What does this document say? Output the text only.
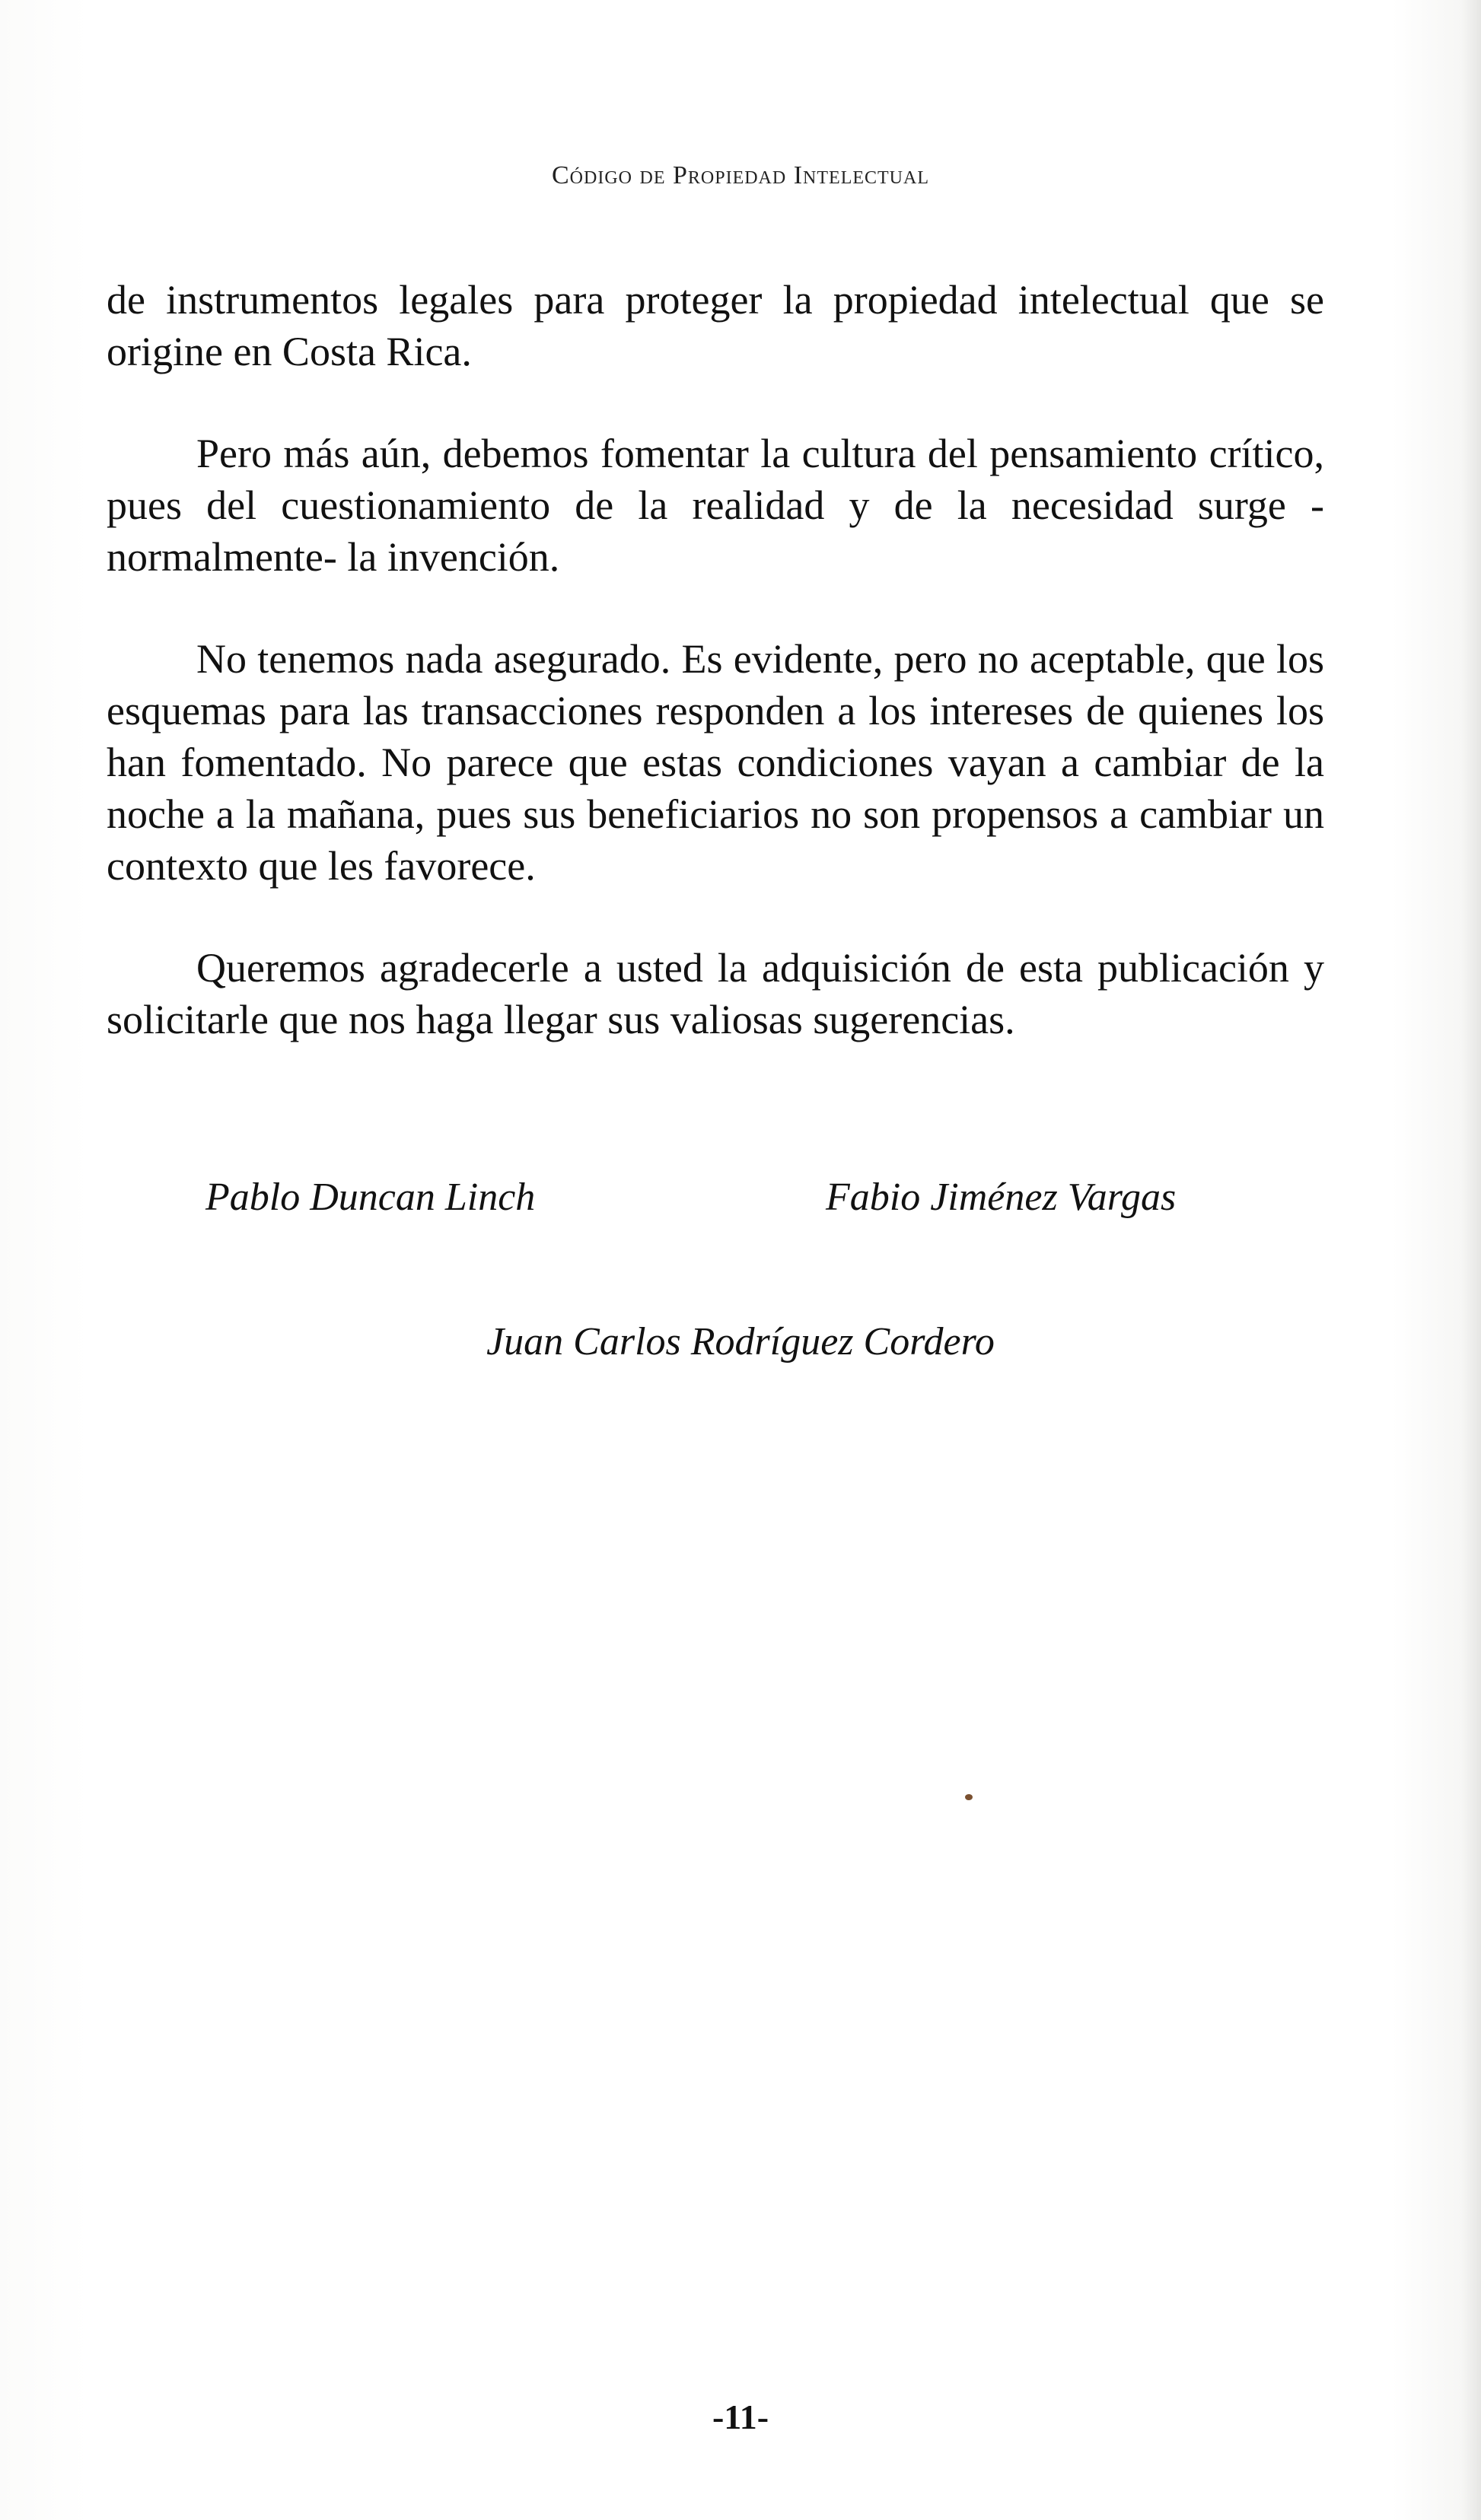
Código de Propiedad Intelectual

de instrumentos legales para proteger la propiedad intelectual que se origine en Costa Rica.

Pero más aún, debemos fomentar la cultura del pensamiento crítico, pues del cuestionamiento de la realidad y de la necesidad surge -normalmente- la invención.

No tenemos nada asegurado. Es evidente, pero no aceptable, que los esquemas para las transacciones responden a los intereses de quienes los han fomentado. No parece que estas condiciones vayan a cambiar de la noche a la mañana, pues sus beneficiarios no son propensos a cambiar un contexto que les favorece.

Queremos agradecerle a usted la adquisición de esta publicación y solicitarle que nos haga llegar sus valiosas sugerencias.

Pablo Duncan Linch	Fabio Jiménez Vargas
Juan Carlos Rodríguez Cordero
-11-
